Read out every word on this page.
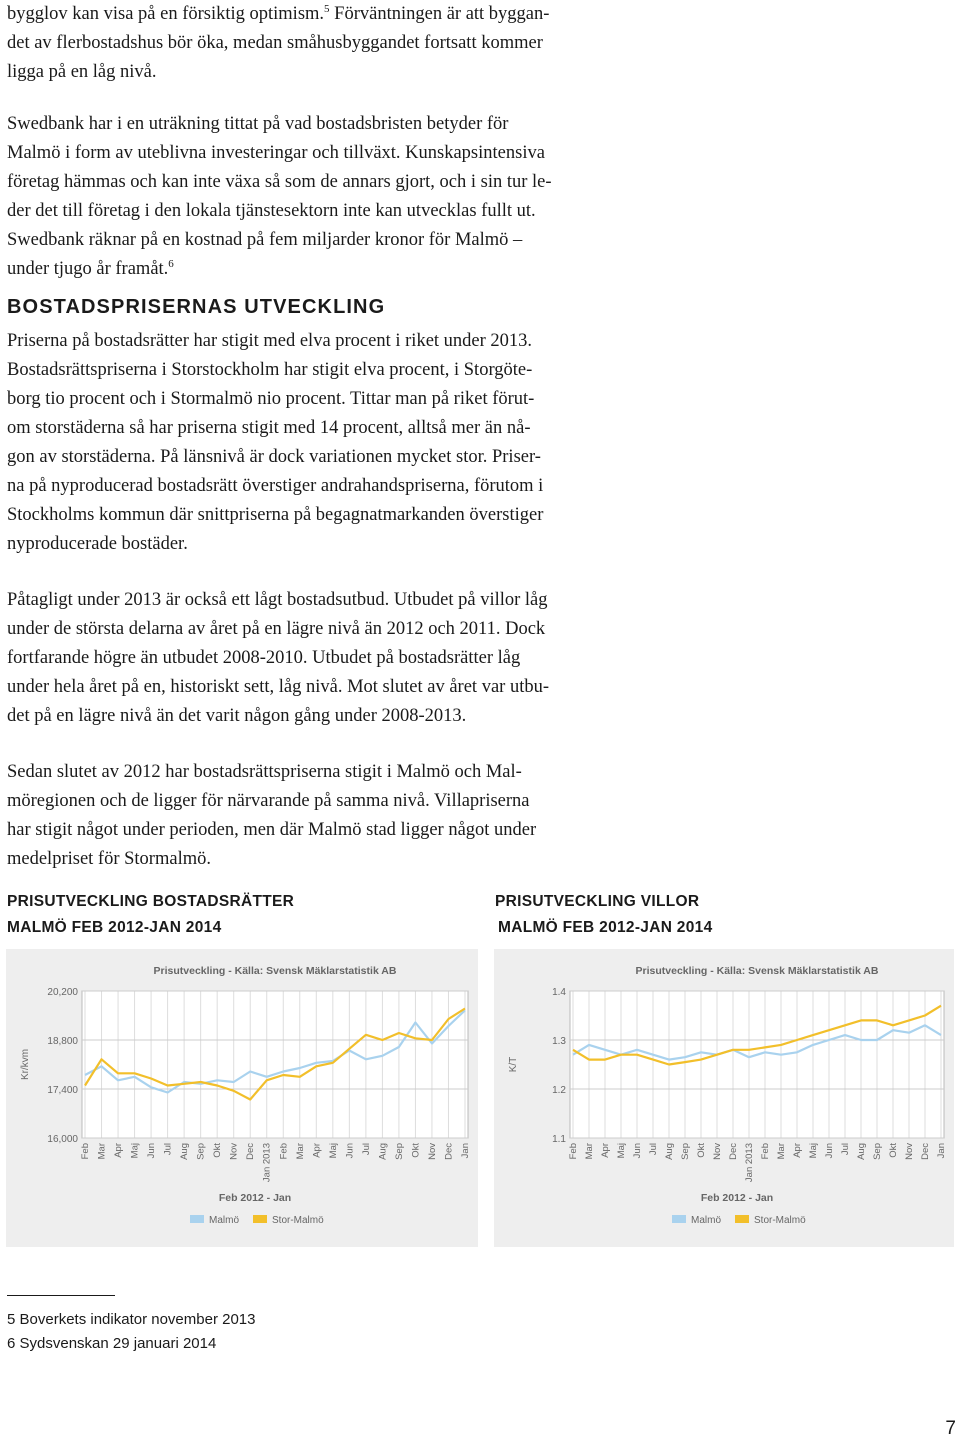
bygglov kan visa på en försiktig optimism.$^5$ Förväntningen är att byggan-
det av flerbostadshus bör öka, medan småhusbyggandet fortsatt kommer
ligga på en låg nivå.

Swedbank har i en uträkning tittat på vad bostadsbristen betyder för
Malmö i form av uteblivna investeringar och tillväxt. Kunskapsintensiva
företag hämmas och kan inte växa så som de annars gjort, och i sin tur le-
der det till företag i den lokala tjänstesektorn inte kan utvecklas fullt ut.
Swedbank räknar på en kostnad på fem miljarder kronor för Malmö –
under tjugo år framåt.$^6$

BOSTADSPRISERNAS UTVECKLING

Priserna på bostadsrätter har stigit med elva procent i riket under 2013.
Bostadsrättspriserna i Storstockholm har stigit elva procent, i Storgöte-
borg tio procent och i Stormalmö nio procent. Tittar man på riket förut-
om storstäderna så har priserna stigit med 14 procent, alltså mer än nå-
gon av storstäderna. På länsnivå är dock variationen mycket stor. Priser-
na på nyproducerad bostadsrätt överstiger andrahandspriserna, förutom i
Stockholms kommun där snittpriserna på begagnatmarkanden överstiger
nyproducerade bostäder.

Påtagligt under 2013 är också ett lågt bostadsutbud. Utbudet på villor låg
under de största delarna av året på en lägre nivå än 2012 och 2011. Dock
fortfarande högre än utbudet 2008-2010. Utbudet på bostadsrätter låg
under hela året på en, historiskt sett, låg nivå. Mot slutet av året var utbu-
det på en lägre nivå än det varit någon gång under 2008-2013.

Sedan slutet av 2012 har bostadsrättspriserna stigit i Malmö och Mal-
möregionen och de ligger för närvarande på samma nivå. Villapriserna
har stigit något under perioden, men där Malmö stad ligger något under
medelpriset för Stormalmö.

PRISUTVECKLING BOSTADSRÄTTER
MALMÖ FEB 2012-JAN 2014
PRISUTVECKLING VILLOR
MALMÖ FEB 2012-JAN 2014
Prisutveckling - Källa: Svensk Mäklarstatistik AB
20,200
18,800
17,400
16,000
Kr/kvm
Feb Mar Apr Maj Jun Jul Aug Sep Okt Nov Dec Jan 2013 Feb Mar Apr Maj Jun Jul Aug Sep Okt Nov Dec Jan
Feb 2012 - Jan
Malmö	Stor-Malmö
Prisutveckling - Källa: Svensk Mäklarstatistik AB
1.4
1.3
1.2
1.1
K/T
Feb Mar Apr Maj Jun Jul Aug Sep Okt Nov Dec Jan 2013 Feb Mar Apr Maj Jun Jul Aug Sep Okt Nov Dec Jan
Feb 2012 - Jan
Malmö	Stor-Malmö
5 Boverkets indikator november 2013
6 Sydsvenskan 29 januari 2014
7
